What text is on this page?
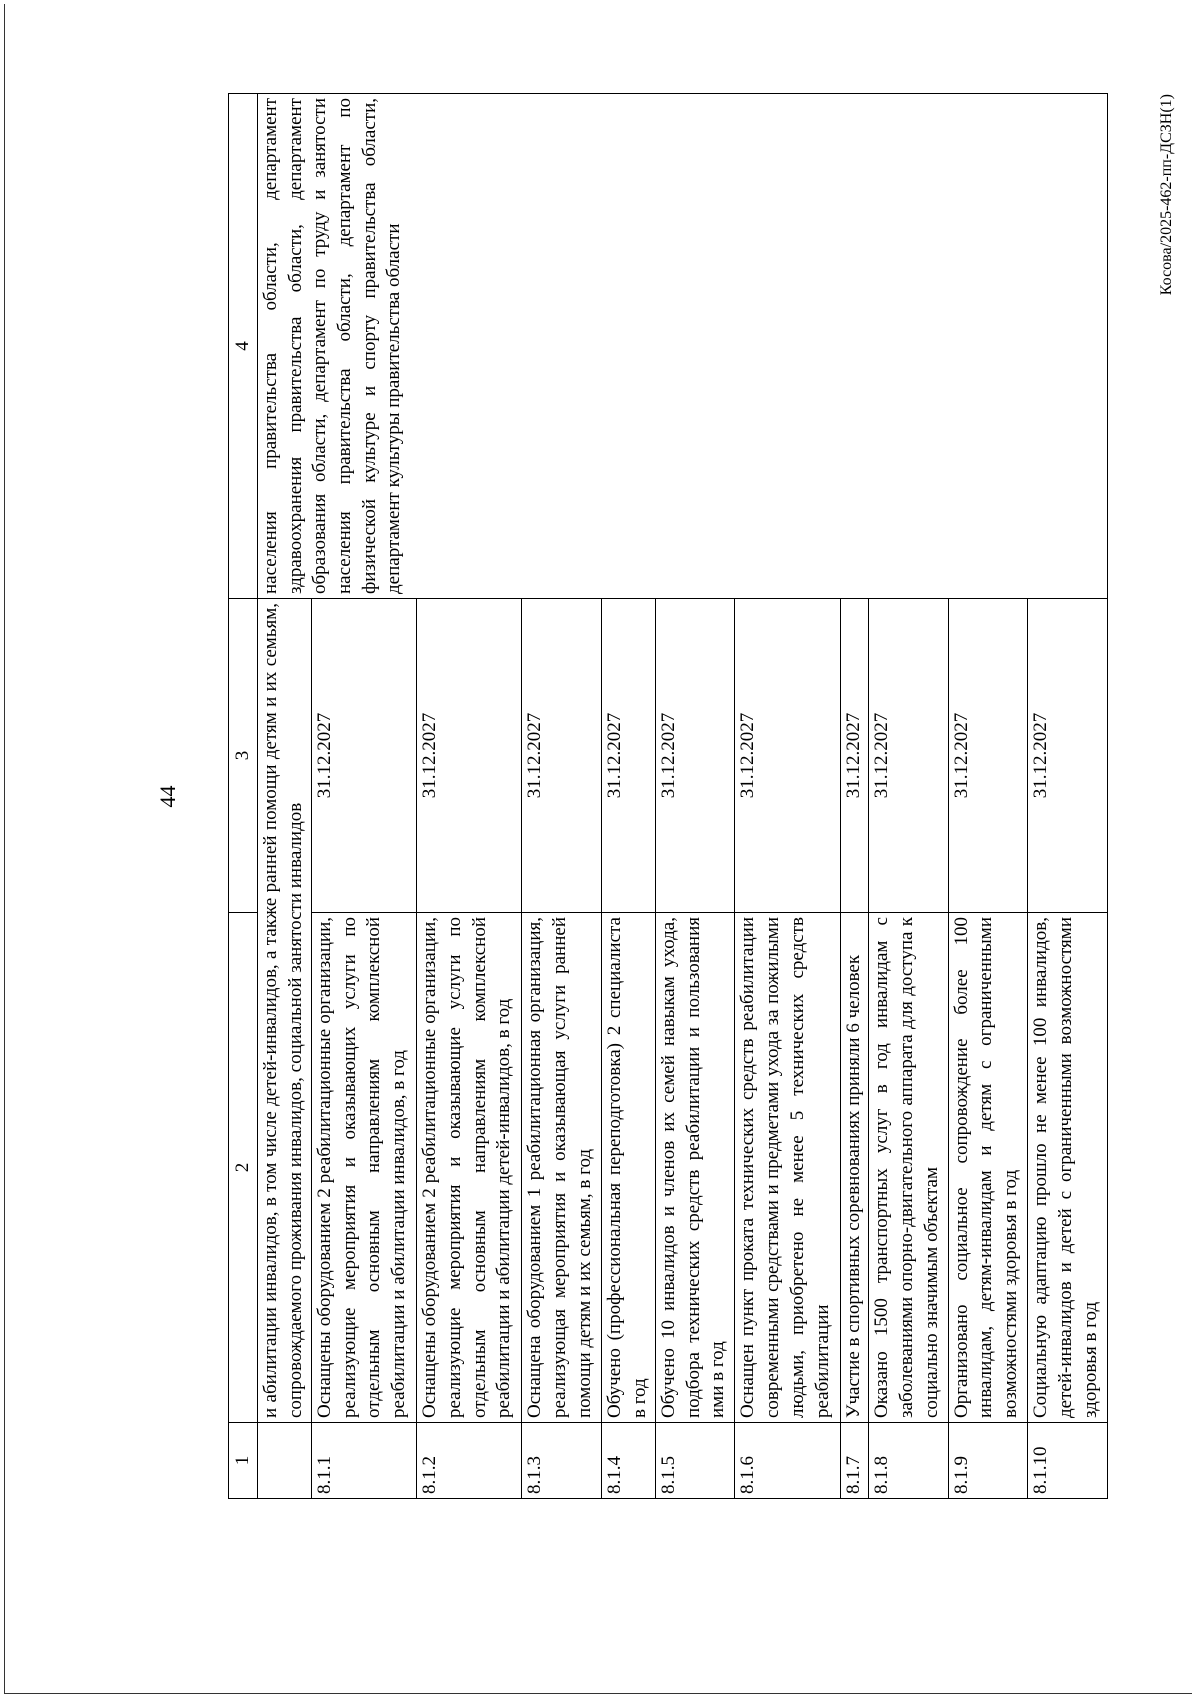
44
1	2	3	4
	и абилитации инвалидов, в том числе детей-инвалидов, а также ранней помощи детям и их семьям, сопровождаемого проживания инвалидов, социальной занятости инвалидов		населения правительства области, департамент здравоохранения правительства области, департамент образования области, департамент по труду и занятости населения правительства области, департамент по физической культуре и спорту правительства области, департамент культуры правительства области
8.1.1	Оснащены оборудованием 2 реабилитационные организации, реализующие мероприятия и оказывающих услуги по отдельным основным направлениям комплексной реабилитации и абилитации инвалидов, в год	31.12.2027	
8.1.2	Оснащены оборудованием 2 реабилитационные организации, реализующие мероприятия и оказывающие услуги по отдельным основным направлениям комплексной реабилитации и абилитации детей-инвалидов, в год	31.12.2027	
8.1.3	Оснащена оборудованием 1 реабилитационная организация, реализующая мероприятия и оказывающая услуги ранней помощи детям и их семьям, в год	31.12.2027	
8.1.4	Обучено (профессиональная переподготовка) 2 специалиста в год	31.12.2027	
8.1.5	Обучено 10 инвалидов и членов их семей навыкам ухода, подбора технических средств реабилитации и пользования ими в год	31.12.2027	
8.1.6	Оснащен пункт проката технических средств реабилитации современными средствами и предметами ухода за пожилыми людьми, приобретено не менее 5 технических средств реабилитации	31.12.2027	
8.1.7	Участие в спортивных соревнованиях приняли 6 человек	31.12.2027	
8.1.8	Оказано 1500 транспортных услуг в год инвалидам с заболеваниями опорно-двигательного аппарата для доступа к социально значимым объектам	31.12.2027	
8.1.9	Организовано социальное сопровождение более 100 инвалидам, детям-инвалидам и детям с ограниченными возможностями здоровья в год	31.12.2027	
8.1.10	Социальную адаптацию прошло не менее 100 инвалидов, детей-инвалидов и детей с ограниченными возможностями здоровья в год	31.12.2027	
Косова/2025-462-пп-ДСЗН(1)
